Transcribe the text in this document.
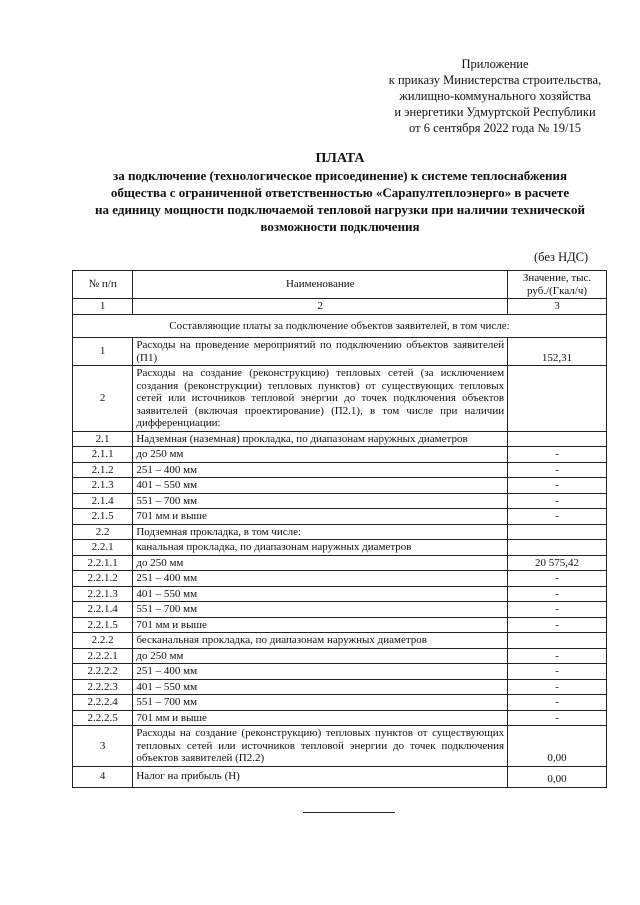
Приложение
к приказу Министерства строительства,
жилищно-коммунального хозяйства
и энергетики Удмуртской Республики
от 6 сентября 2022 года № 19/15
ПЛАТА
за подключение (технологическое присоединение) к системе теплоснабжения
общества с ограниченной ответственностью «Сарапултеплоэнерго» в расчете
на единицу мощности подключаемой тепловой нагрузки при наличии технической
возможности подключения
(без НДС)
№ п/п	Наименование	Значение, тыс. руб./(Гкал/ч)
1	2	3
Составляющие платы за подключение объектов заявителей, в том числе:		
1	Расходы на проведение мероприятий по подключению объектов заявителей (П1)	152,31
2	Расходы на создание (реконструкцию) тепловых сетей (за исключением создания (реконструкции) тепловых пунктов) от существующих тепловых сетей или источников тепловой энергии до точек подключения объектов заявителей (включая проектирование) (П2.1), в том числе при наличии дифференциации:	
2.1	Надземная (наземная) прокладка, по диапазонам наружных диаметров	
2.1.1	до 250 мм	-
2.1.2	251 – 400 мм	-
2.1.3	401 – 550 мм	-
2.1.4	551 – 700 мм	-
2.1.5	701 мм и выше	-
2.2	Подземная прокладка, в том числе:	
2.2.1	канальная прокладка, по диапазонам наружных диаметров	
2.2.1.1	до 250 мм	20 575,42
2.2.1.2	251 – 400 мм	-
2.2.1.3	401 – 550 мм	-
2.2.1.4	551 – 700 мм	-
2.2.1.5	701 мм и выше	-
2.2.2	бесканальная прокладка, по диапазонам наружных диаметров	
2.2.2.1	до 250 мм	-
2.2.2.2	251 – 400 мм	-
2.2.2.3	401 – 550 мм	-
2.2.2.4	551 – 700 мм	-
2.2.2.5	701 мм и выше	-
3	Расходы на создание (реконструкцию) тепловых пунктов от существующих тепловых сетей или источников тепловой энергии до точек подключения объектов заявителей (П2.2)	0,00
4	Налог на прибыль (Н)	0,00
